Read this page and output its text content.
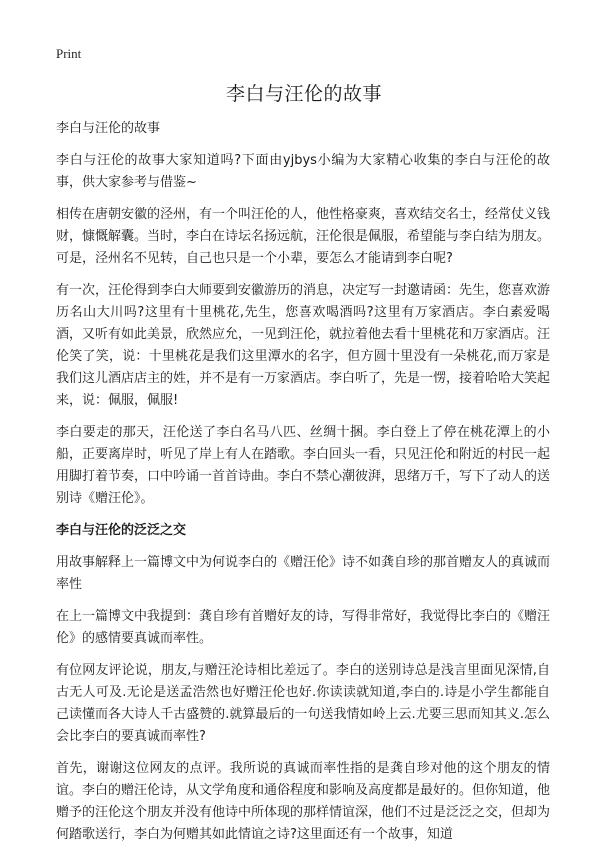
Print
李白与汪伦的故事

李白与汪伦的故事

李白与汪伦的故事大家知道吗?下面由yjbys小编为大家精心收集的李白与汪伦的故事，供大家参考与借鉴~

相传在唐朝安徽的泾州，有一个叫汪伦的人，他性格豪爽，喜欢结交名士，经常仗义钱财，慷慨解囊。当时，李白在诗坛名扬远航，汪伦很是佩服，希望能与李白结为朋友。可是，泾州名不见转，自己也只是一个小辈，要怎么才能请到李白呢?

有一次，汪伦得到李白大师要到安徽游历的消息，决定写一封邀请函：先生，您喜欢游历名山大川吗?这里有十里桃花,先生，您喜欢喝酒吗?这里有万家酒店。李白素爱喝酒，又听有如此美景，欣然应允，一见到汪伦，就拉着他去看十里桃花和万家酒店。汪伦笑了笑，说：十里桃花是我们这里潭水的名字，但方圆十里没有一朵桃花,而万家是我们这儿酒店店主的姓，并不是有一万家酒店。李白听了，先是一愣，接着哈哈大笑起来，说：佩服，佩服!

李白要走的那天，汪伦送了李白名马八匹、丝绸十捆。李白登上了停在桃花潭上的小船，正要离岸时，听见了岸上有人在踏歌。李白回头一看，只见汪伦和附近的村民一起用脚打着节奏，口中吟诵一首首诗曲。李白不禁心潮彼湃，思绪万千，写下了动人的送别诗《赠汪伦》。

李白与汪伦的泛泛之交

用故事解释上一篇博文中为何说李白的《赠汪伦》诗不如龚自珍的那首赠友人的真诚而率性

在上一篇博文中我提到：龚自珍有首赠好友的诗，写得非常好，我觉得比李白的《赠汪伦》的感情要真诚而率性。

有位网友评论说，朋友,与赠汪沦诗相比差远了。李白的送别诗总是浅言里面见深情,自古无人可及.无论是送孟浩然也好赠汪伦也好.你读读就知道,李白的.诗是小学生都能自己读懂而各大诗人千古盛赞的.就算最后的一句送我情如岭上云.尤要三思而知其义.怎么会比李白的要真诚而率性?

首先，谢谢这位网友的点评。我所说的真诚而率性指的是龚自珍对他的这个朋友的情谊。李白的赠汪伦诗，从文学角度和通俗程度和影响及高度都是最好的。但你知道，他赠予的汪伦这个朋友并没有他诗中所体现的那样情谊深，他们不过是泛泛之交，但却为何踏歌送行，李白为何赠其如此情谊之诗?这里面还有一个故事，知道
